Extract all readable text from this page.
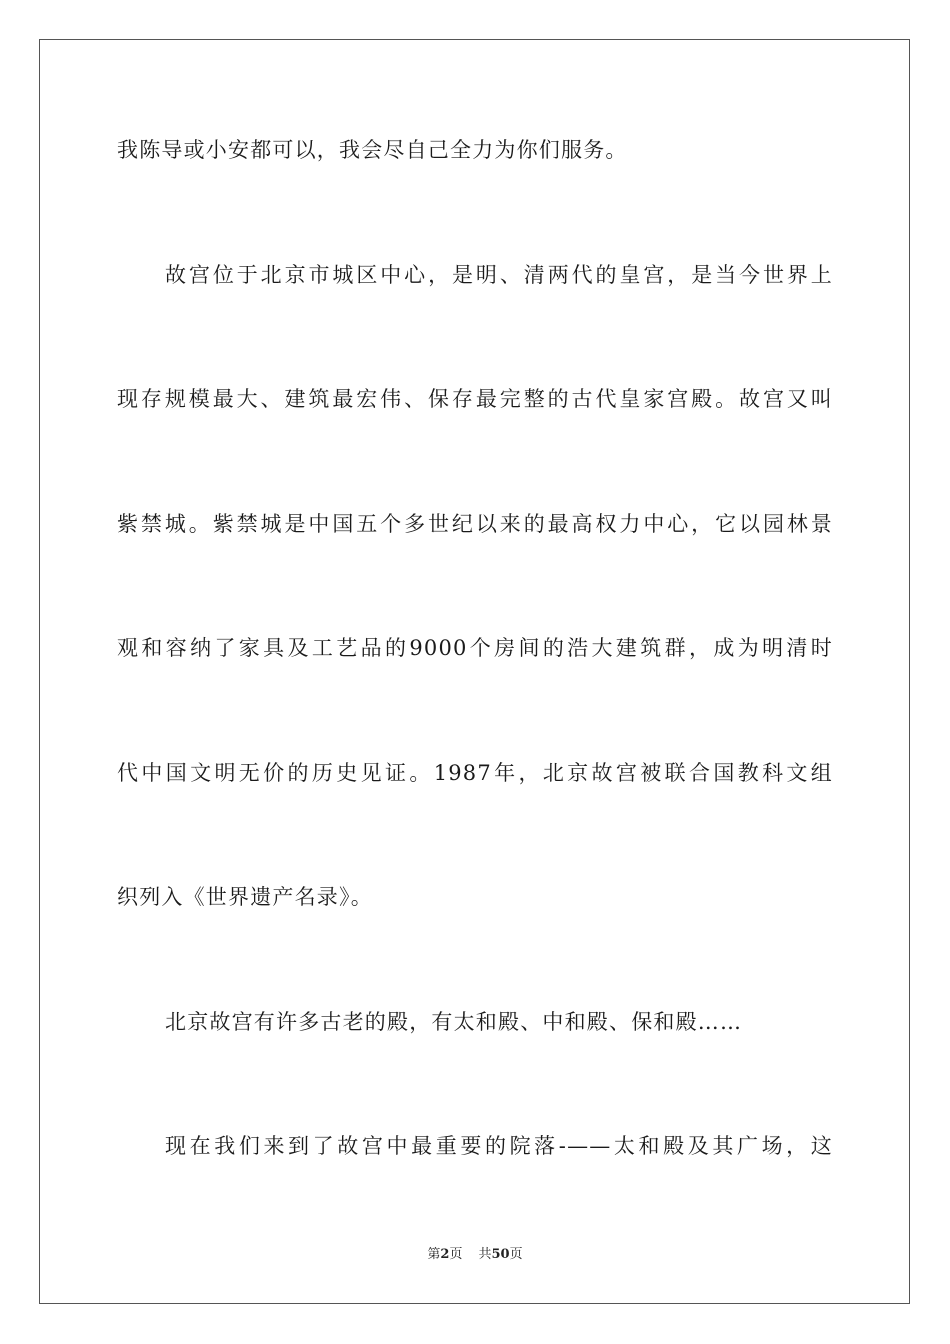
我陈导或小安都可以，我会尽自己全力为你们服务。
故宫位于北京市城区中心，是明、清两代的皇宫，是当今世界上
现存规模最大、建筑最宏伟、保存最完整的古代皇家宫殿。故宫又叫
紫禁城。紫禁城是中国五个多世纪以来的最高权力中心，它以园林景
观和容纳了家具及工艺品的9000个房间的浩大建筑群，成为明清时
代中国文明无价的历史见证。1987年，北京故宫被联合国教科文组
织列入《世界遗产名录》。
北京故宫有许多古老的殿，有太和殿、中和殿、保和殿……
现在我们来到了故宫中最重要的院落-——太和殿及其广场，这
第2页 共50页
